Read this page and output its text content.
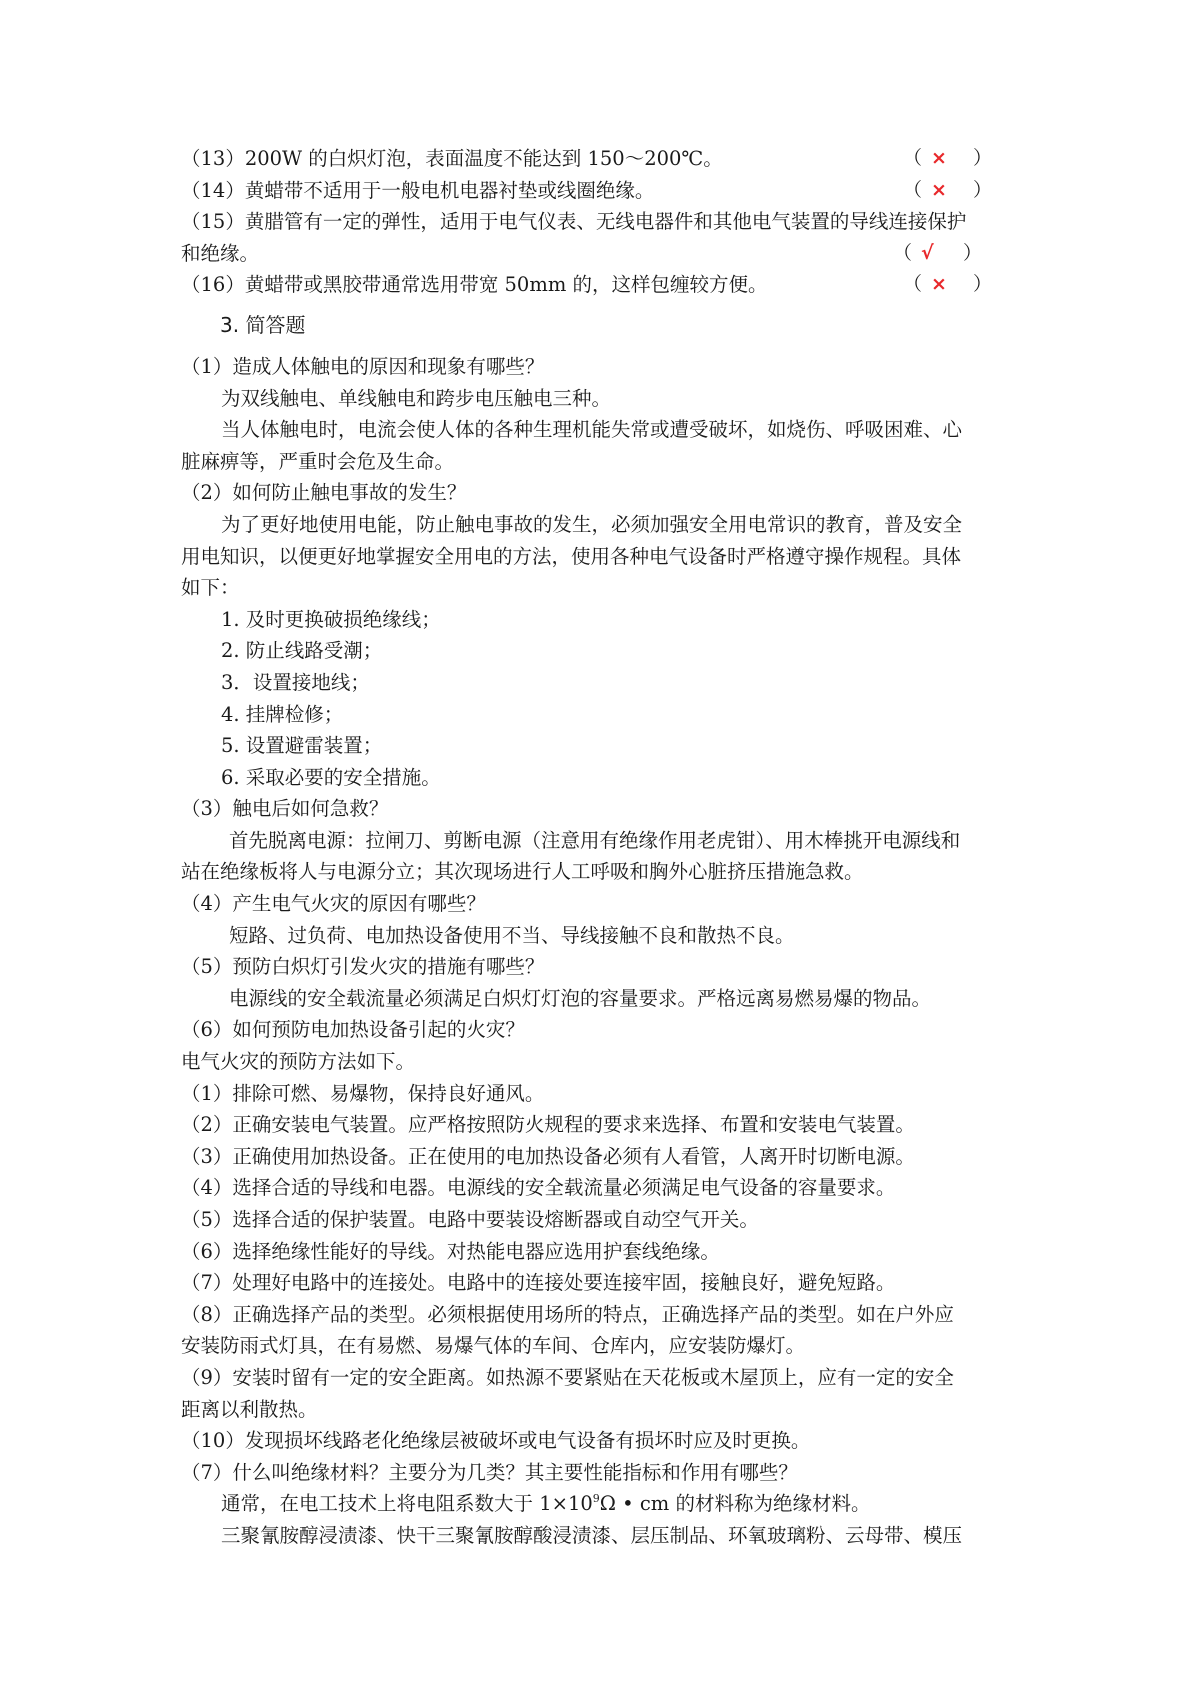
（13）200W 的白炽灯泡，表面温度不能达到 150～200℃。	（ × ）
（14）黄蜡带不适用于一般电机电器衬垫或线圈绝缘。	（ × ）
（15）黄腊管有一定的弹性，适用于电气仪表、无线电器件和其他电气装置的导线连接保护
和绝缘。	（ √ ）
（16）黄蜡带或黑胶带通常选用带宽 50mm 的，这样包缠较方便。	（ × ）
3. 简答题
（1）造成人体触电的原因和现象有哪些？
为双线触电、单线触电和跨步电压触电三种。
当人体触电时，电流会使人体的各种生理机能失常或遭受破坏，如烧伤、呼吸困难、心
脏麻痹等，严重时会危及生命。
（2）如何防止触电事故的发生？
为了更好地使用电能，防止触电事故的发生，必须加强安全用电常识的教育，普及安全
用电知识，以便更好地掌握安全用电的方法，使用各种电气设备时严格遵守操作规程。具体
如下：
1. 及时更换破损绝缘线；
2. 防止线路受潮；
3．设置接地线；
4. 挂牌检修；
5. 设置避雷装置；
6. 采取必要的安全措施。
（3）触电后如何急救？
首先脱离电源：拉闸刀、剪断电源（注意用有绝缘作用老虎钳）、用木棒挑开电源线和
站在绝缘板将人与电源分立；其次现场进行人工呼吸和胸外心脏挤压措施急救。
（4）产生电气火灾的原因有哪些？
短路、过负荷、电加热设备使用不当、导线接触不良和散热不良。
（5）预防白炽灯引发火灾的措施有哪些？
电源线的安全载流量必须满足白炽灯灯泡的容量要求。严格远离易燃易爆的物品。
（6）如何预防电加热设备引起的火灾？
电气火灾的预防方法如下。
（1）排除可燃、易爆物，保持良好通风。
（2）正确安装电气装置。应严格按照防火规程的要求来选择、布置和安装电气装置。
（3）正确使用加热设备。正在使用的电加热设备必须有人看管，人离开时切断电源。
（4）选择合适的导线和电器。电源线的安全载流量必须满足电气设备的容量要求。
（5）选择合适的保护装置。电路中要装设熔断器或自动空气开关。
（6）选择绝缘性能好的导线。对热能电器应选用护套线绝缘。
（7）处理好电路中的连接处。电路中的连接处要连接牢固，接触良好，避免短路。
（8）正确选择产品的类型。必须根据使用场所的特点，正确选择产品的类型。如在户外应
安装防雨式灯具，在有易燃、易爆气体的车间、仓库内，应安装防爆灯。
（9）安装时留有一定的安全距离。如热源不要紧贴在天花板或木屋顶上，应有一定的安全
距离以利散热。
（10）发现损坏线路老化绝缘层被破坏或电气设备有损坏时应及时更换。
（7）什么叫绝缘材料？主要分为几类？其主要性能指标和作用有哪些？
通常，在电工技术上将电阻系数大于 $1\times 10^9\Omega$ • cm 的材料称为绝缘材料。
三聚氰胺醇浸渍漆、快干三聚氰胺醇酸浸渍漆、层压制品、环氧玻璃粉、云母带、模压
